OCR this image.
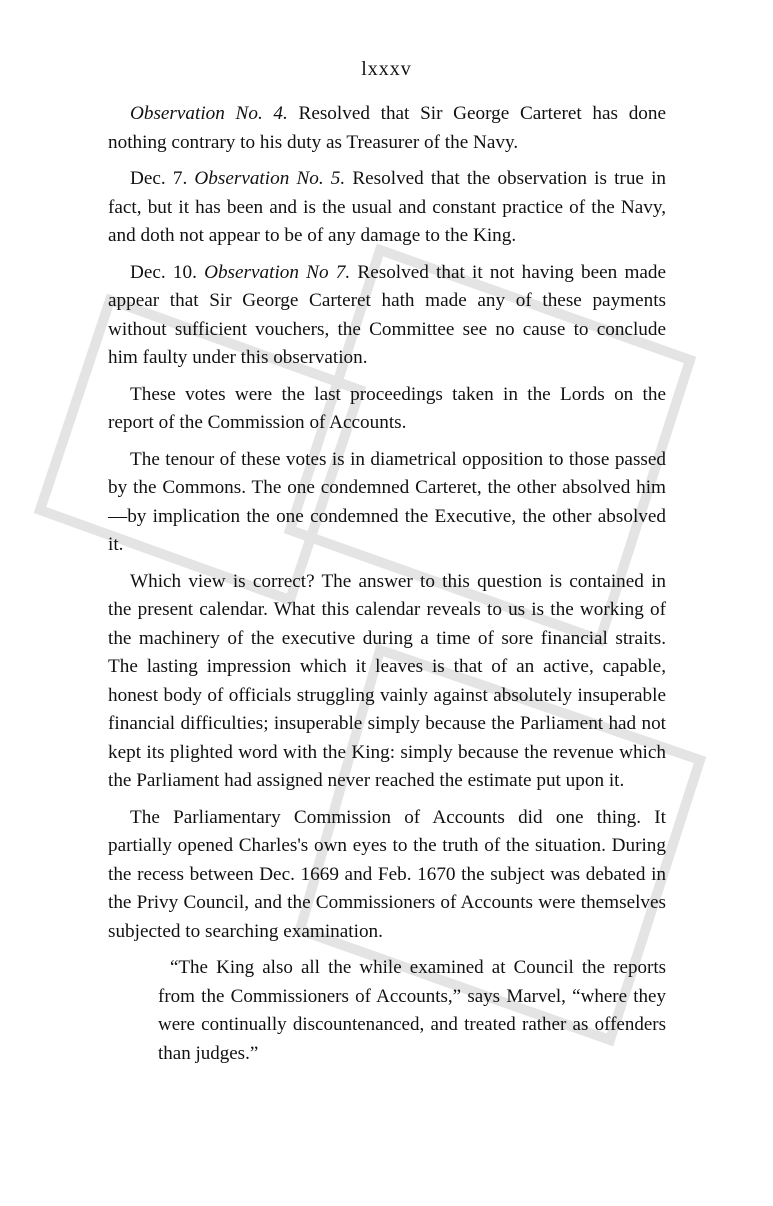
lxxxv

Observation No. 4. Resolved that Sir George Carteret has done nothing contrary to his duty as Treasurer of the Navy.

Dec. 7. Observation No. 5. Resolved that the observation is true in fact, but it has been and is the usual and constant practice of the Navy, and doth not appear to be of any damage to the King.

Dec. 10. Observation No 7. Resolved that it not having been made appear that Sir George Carteret hath made any of these payments without sufficient vouchers, the Committee see no cause to conclude him faulty under this observation.

These votes were the last proceedings taken in the Lords on the report of the Commission of Accounts.

The tenour of these votes is in diametrical opposition to those passed by the Commons. The one condemned Carteret, the other absolved him—by implication the one condemned the Executive, the other absolved it.

Which view is correct? The answer to this question is contained in the present calendar. What this calendar reveals to us is the working of the machinery of the executive during a time of sore financial straits. The lasting impression which it leaves is that of an active, capable, honest body of officials struggling vainly against absolutely insuperable financial difficulties; insuperable simply because the Parliament had not kept its plighted word with the King: simply because the revenue which the Parliament had assigned never reached the estimate put upon it.

The Parliamentary Commission of Accounts did one thing. It partially opened Charles's own eyes to the truth of the situation. During the recess between Dec. 1669 and Feb. 1670 the subject was debated in the Privy Council, and the Commissioners of Accounts were themselves subjected to searching examination.

“The King also all the while examined at Council the reports from the Commissioners of Accounts,” says Marvel, “where they were continually discountenanced, and treated rather as offenders than judges.”
